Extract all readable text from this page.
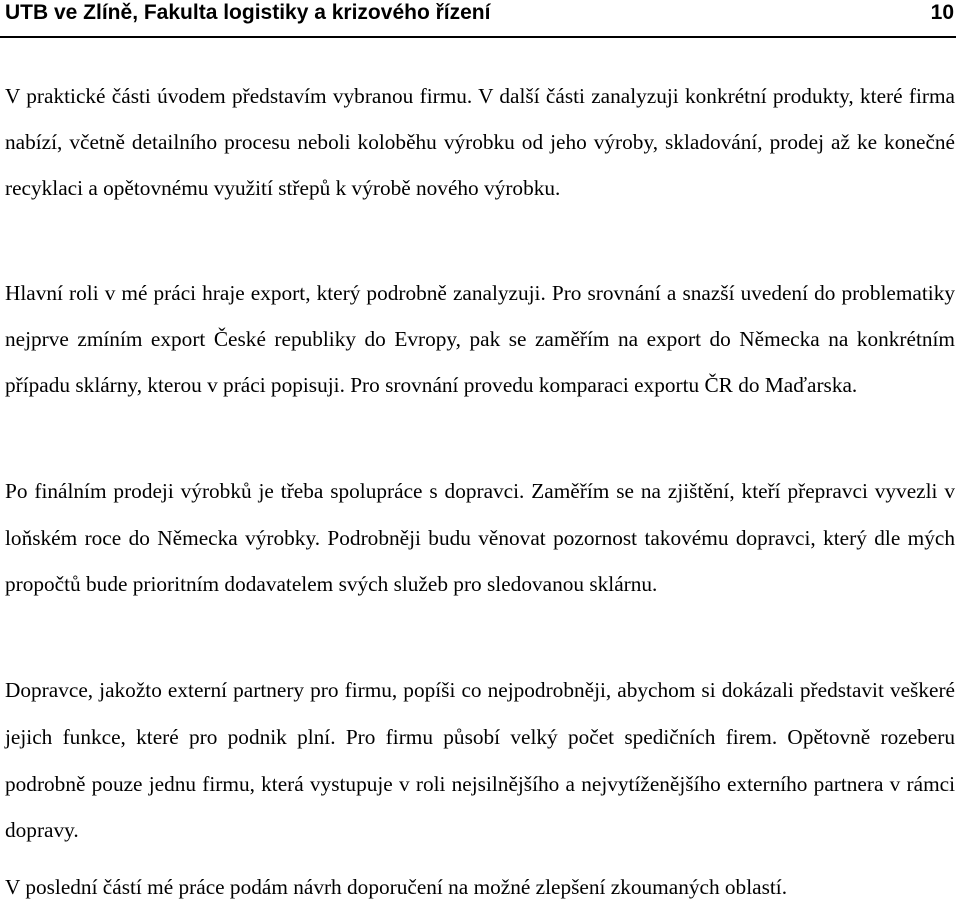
UTB ve Zlíně, Fakulta logistiky a krizového řízení	10

V praktické části úvodem představím vybranou firmu. V další části zanalyzuji konkrétní produkty, které firma nabízí, včetně detailního procesu neboli koloběhu výrobku od jeho výroby, skladování, prodej až ke konečné recyklaci a opětovnému využití střepů k výrobě nového výrobku.

Hlavní roli v mé práci hraje export, který podrobně zanalyzuji. Pro srovnání a snazší uvedení do problematiky nejprve zmíním export České republiky do Evropy, pak se zaměřím na export do Německa na konkrétním případu sklárny, kterou v práci popisuji. Pro srovnání provedu komparaci exportu ČR do Maďarska.

Po finálním prodeji výrobků je třeba spolupráce s dopravci. Zaměřím se na zjištění, kteří přepravci vyvezli v loňském roce do Německa výrobky. Podrobněji budu věnovat pozornost takovému dopravci, který dle mých propočtů bude prioritním dodavatelem svých služeb pro sledovanou sklárnu.

Dopravce, jakožto externí partnery pro firmu, popíši co nejpodrobněji, abychom si dokázali představit veškeré jejich funkce, které pro podnik plní. Pro firmu působí velký počet spedičních firem. Opětovně rozeberu podrobně pouze jednu firmu, která vystupuje v roli nejsilnějšího a nejvytíženějšího externího partnera v rámci dopravy.

V poslední částí mé práce podám návrh doporučení na možné zlepšení zkoumaných oblastí.
